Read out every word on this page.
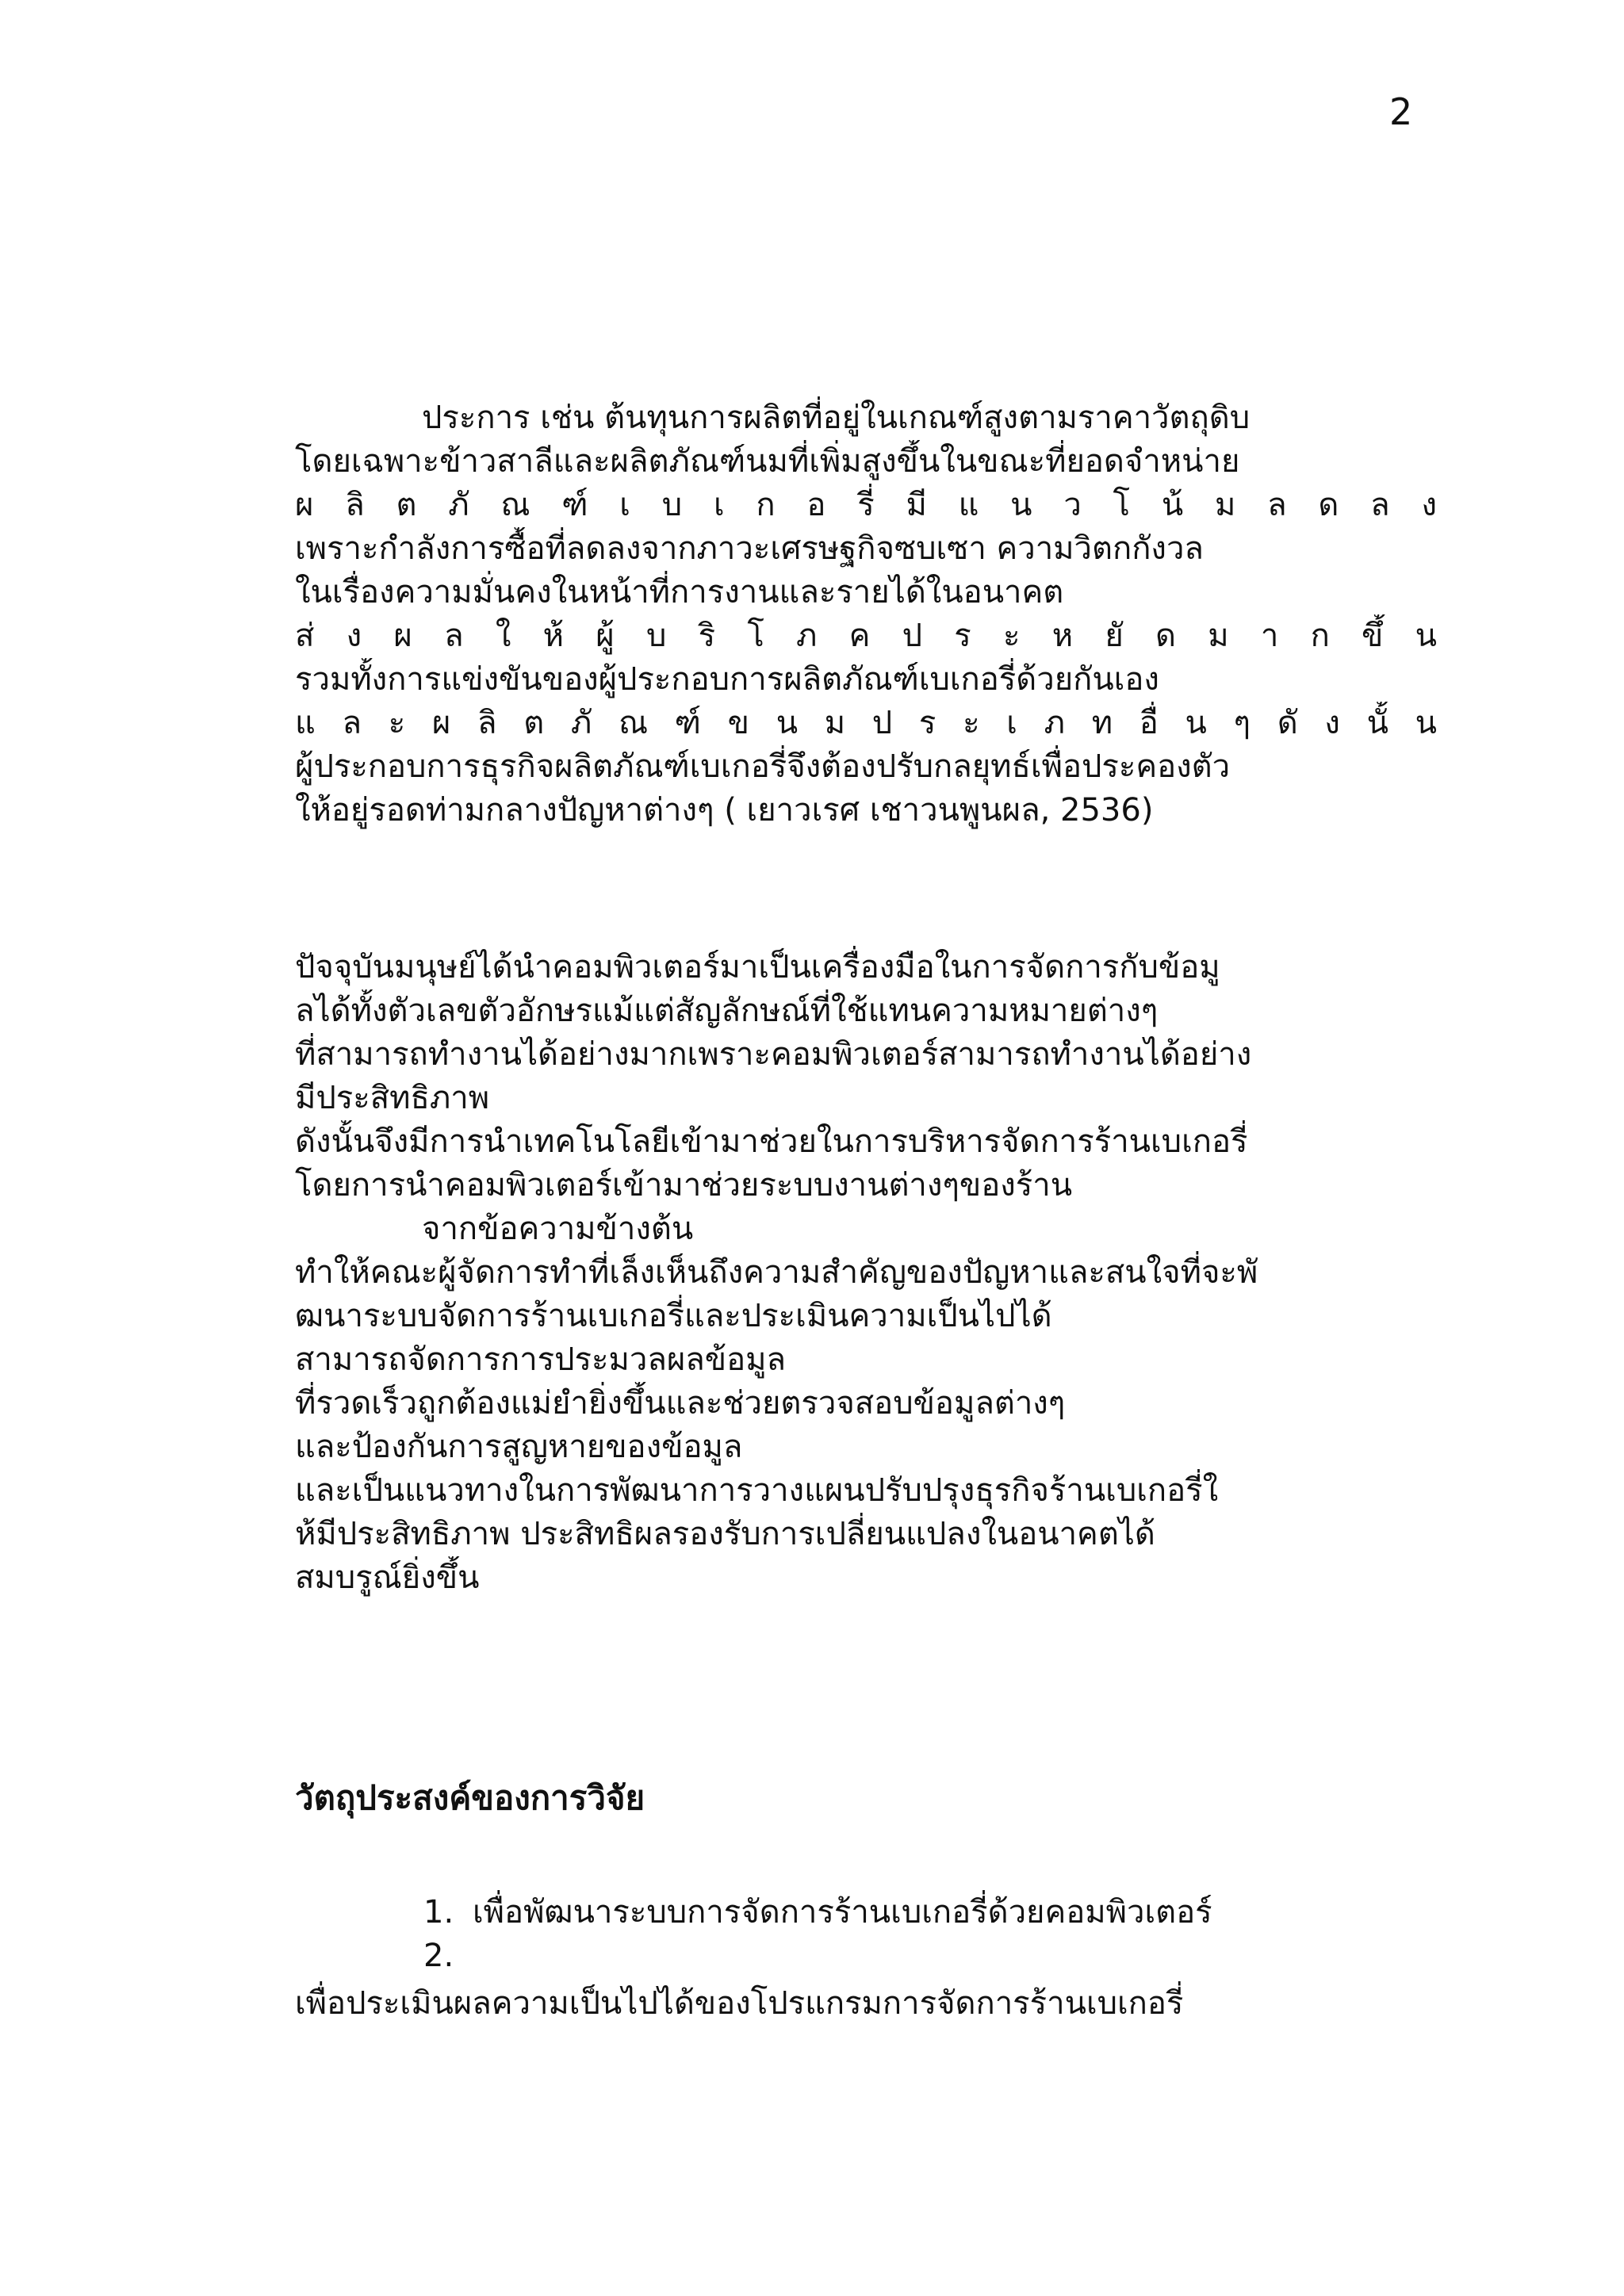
2
ประการ เช่น ต้นทุนการผลิตที่อยู่ในเกณฑ์สูงตามราคาวัตถุดิบ
โดยเฉพาะข้าวสาลีและผลิตภัณฑ์นมที่เพิ่มสูงขึ้นในขณะที่ยอดจำหน่าย
ผ ลิ ต ภั ณ ฑ์ เ บ เ ก อ รี่ มี แ น ว โ น้ ม ล ด ล ง
เพราะกำลังการซื้อที่ลดลงจากภาวะเศรษฐกิจซบเซา ความวิตกกังวล
ในเรื่องความมั่นคงในหน้าที่การงานและรายได้ในอนาคต
ส่ ง ผ ล ใ ห้ ผู้ บ ริ โ ภ ค ป ร ะ ห ยั ด ม า ก ขึ้ น
รวมทั้งการแข่งขันของผู้ประกอบการผลิตภัณฑ์เบเกอรี่ด้วยกันเอง
แ ล ะ ผ ลิ ต ภั ณ ฑ์ ข น ม ป ร ะ เ ภ ท อื่ น ๆ ดั ง นั้ น
ผู้ประกอบการธุรกิจผลิตภัณฑ์เบเกอรี่จึงต้องปรับกลยุทธ์เพื่อประคองตัว
ให้อยู่รอดท่ามกลางปัญหาต่างๆ ( เยาวเรศ เชาวนพูนผล, 2536)
ปัจจุบันมนุษย์ได้นำคอมพิวเตอร์มาเป็นเครื่องมือในการจัดการกับข้อมู
ลได้ทั้งตัวเลขตัวอักษรแม้แต่สัญลักษณ์ที่ใช้แทนความหมายต่างๆ
ที่สามารถทำงานได้อย่างมากเพราะคอมพิวเตอร์สามารถทำงานได้อย่าง
มีประสิทธิภาพ
ดังนั้นจึงมีการนำเทคโนโลยีเข้ามาช่วยในการบริหารจัดการร้านเบเกอรี่
โดยการนำคอมพิวเตอร์เข้ามาช่วยระบบงานต่างๆของร้าน
จากข้อความข้างต้น
ทำให้คณะผู้จัดการทำที่เล็งเห็นถึงความสำคัญของปัญหาและสนใจที่จะพั
ฒนาระบบจัดการร้านเบเกอรี่และประเมินความเป็นไปได้
สามารถจัดการการประมวลผลข้อมูล
ที่รวดเร็วถูกต้องแม่ยำยิ่งขึ้นและช่วยตรวจสอบข้อมูลต่างๆ
และป้องกันการสูญหายของข้อมูล
และเป็นแนวทางในการพัฒนาการวางแผนปรับปรุงธุรกิจร้านเบเกอรี่ใ
ห้มีประสิทธิภาพ ประสิทธิผลรองรับการเปลี่ยนแปลงในอนาคตได้
สมบรูณ์ยิ่งขึ้น
วัตถุประสงค์ของการวิจัย
1. เพื่อพัฒนาระบบการจัดการร้านเบเกอรี่ด้วยคอมพิวเตอร์
2.
เพื่อประเมินผลความเป็นไปได้ของโปรแกรมการจัดการร้านเบเกอรี่
